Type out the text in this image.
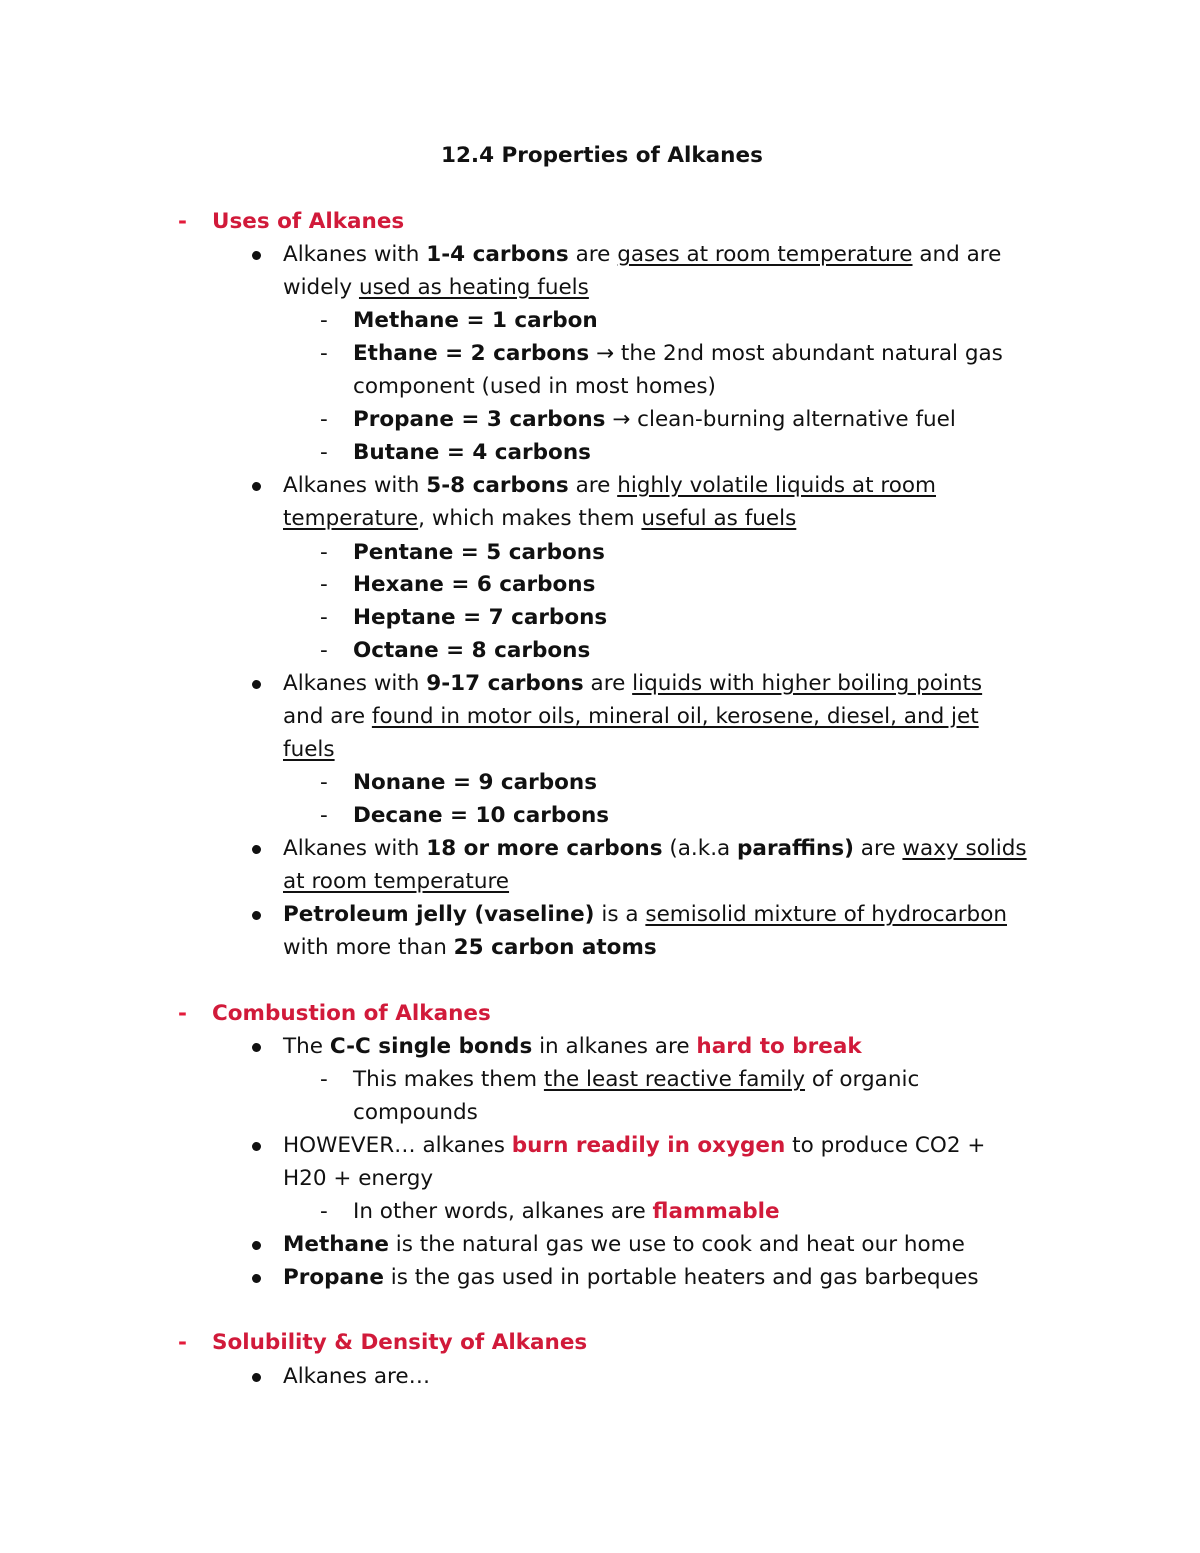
12.4 Properties of Alkanes
- Uses of Alkanes
Alkanes with 1-4 carbons are gases at room temperature and are
widely used as heating fuels
- Methane = 1 carbon
- Ethane = 2 carbons → the 2nd most abundant natural gas
component (used in most homes)
- Propane = 3 carbons → clean-burning alternative fuel
- Butane = 4 carbons
Alkanes with 5-8 carbons are highly volatile liquids at room
temperature, which makes them useful as fuels
- Pentane = 5 carbons
- Hexane = 6 carbons
- Heptane = 7 carbons
- Octane = 8 carbons
Alkanes with 9-17 carbons are liquids with higher boiling points
and are found in motor oils, mineral oil, kerosene, diesel, and jet
fuels
- Nonane = 9 carbons
- Decane = 10 carbons
Alkanes with 18 or more carbons (a.k.a paraffins) are waxy solids
at room temperature
Petroleum jelly (vaseline) is a semisolid mixture of hydrocarbon
with more than 25 carbon atoms
- Combustion of Alkanes
The C-C single bonds in alkanes are hard to break
- This makes them the least reactive family of organic
compounds
HOWEVER… alkanes burn readily in oxygen to produce CO2 +
H20 + energy
- In other words, alkanes are flammable
Methane is the natural gas we use to cook and heat our home
Propane is the gas used in portable heaters and gas barbeques
- Solubility & Density of Alkanes
Alkanes are…
